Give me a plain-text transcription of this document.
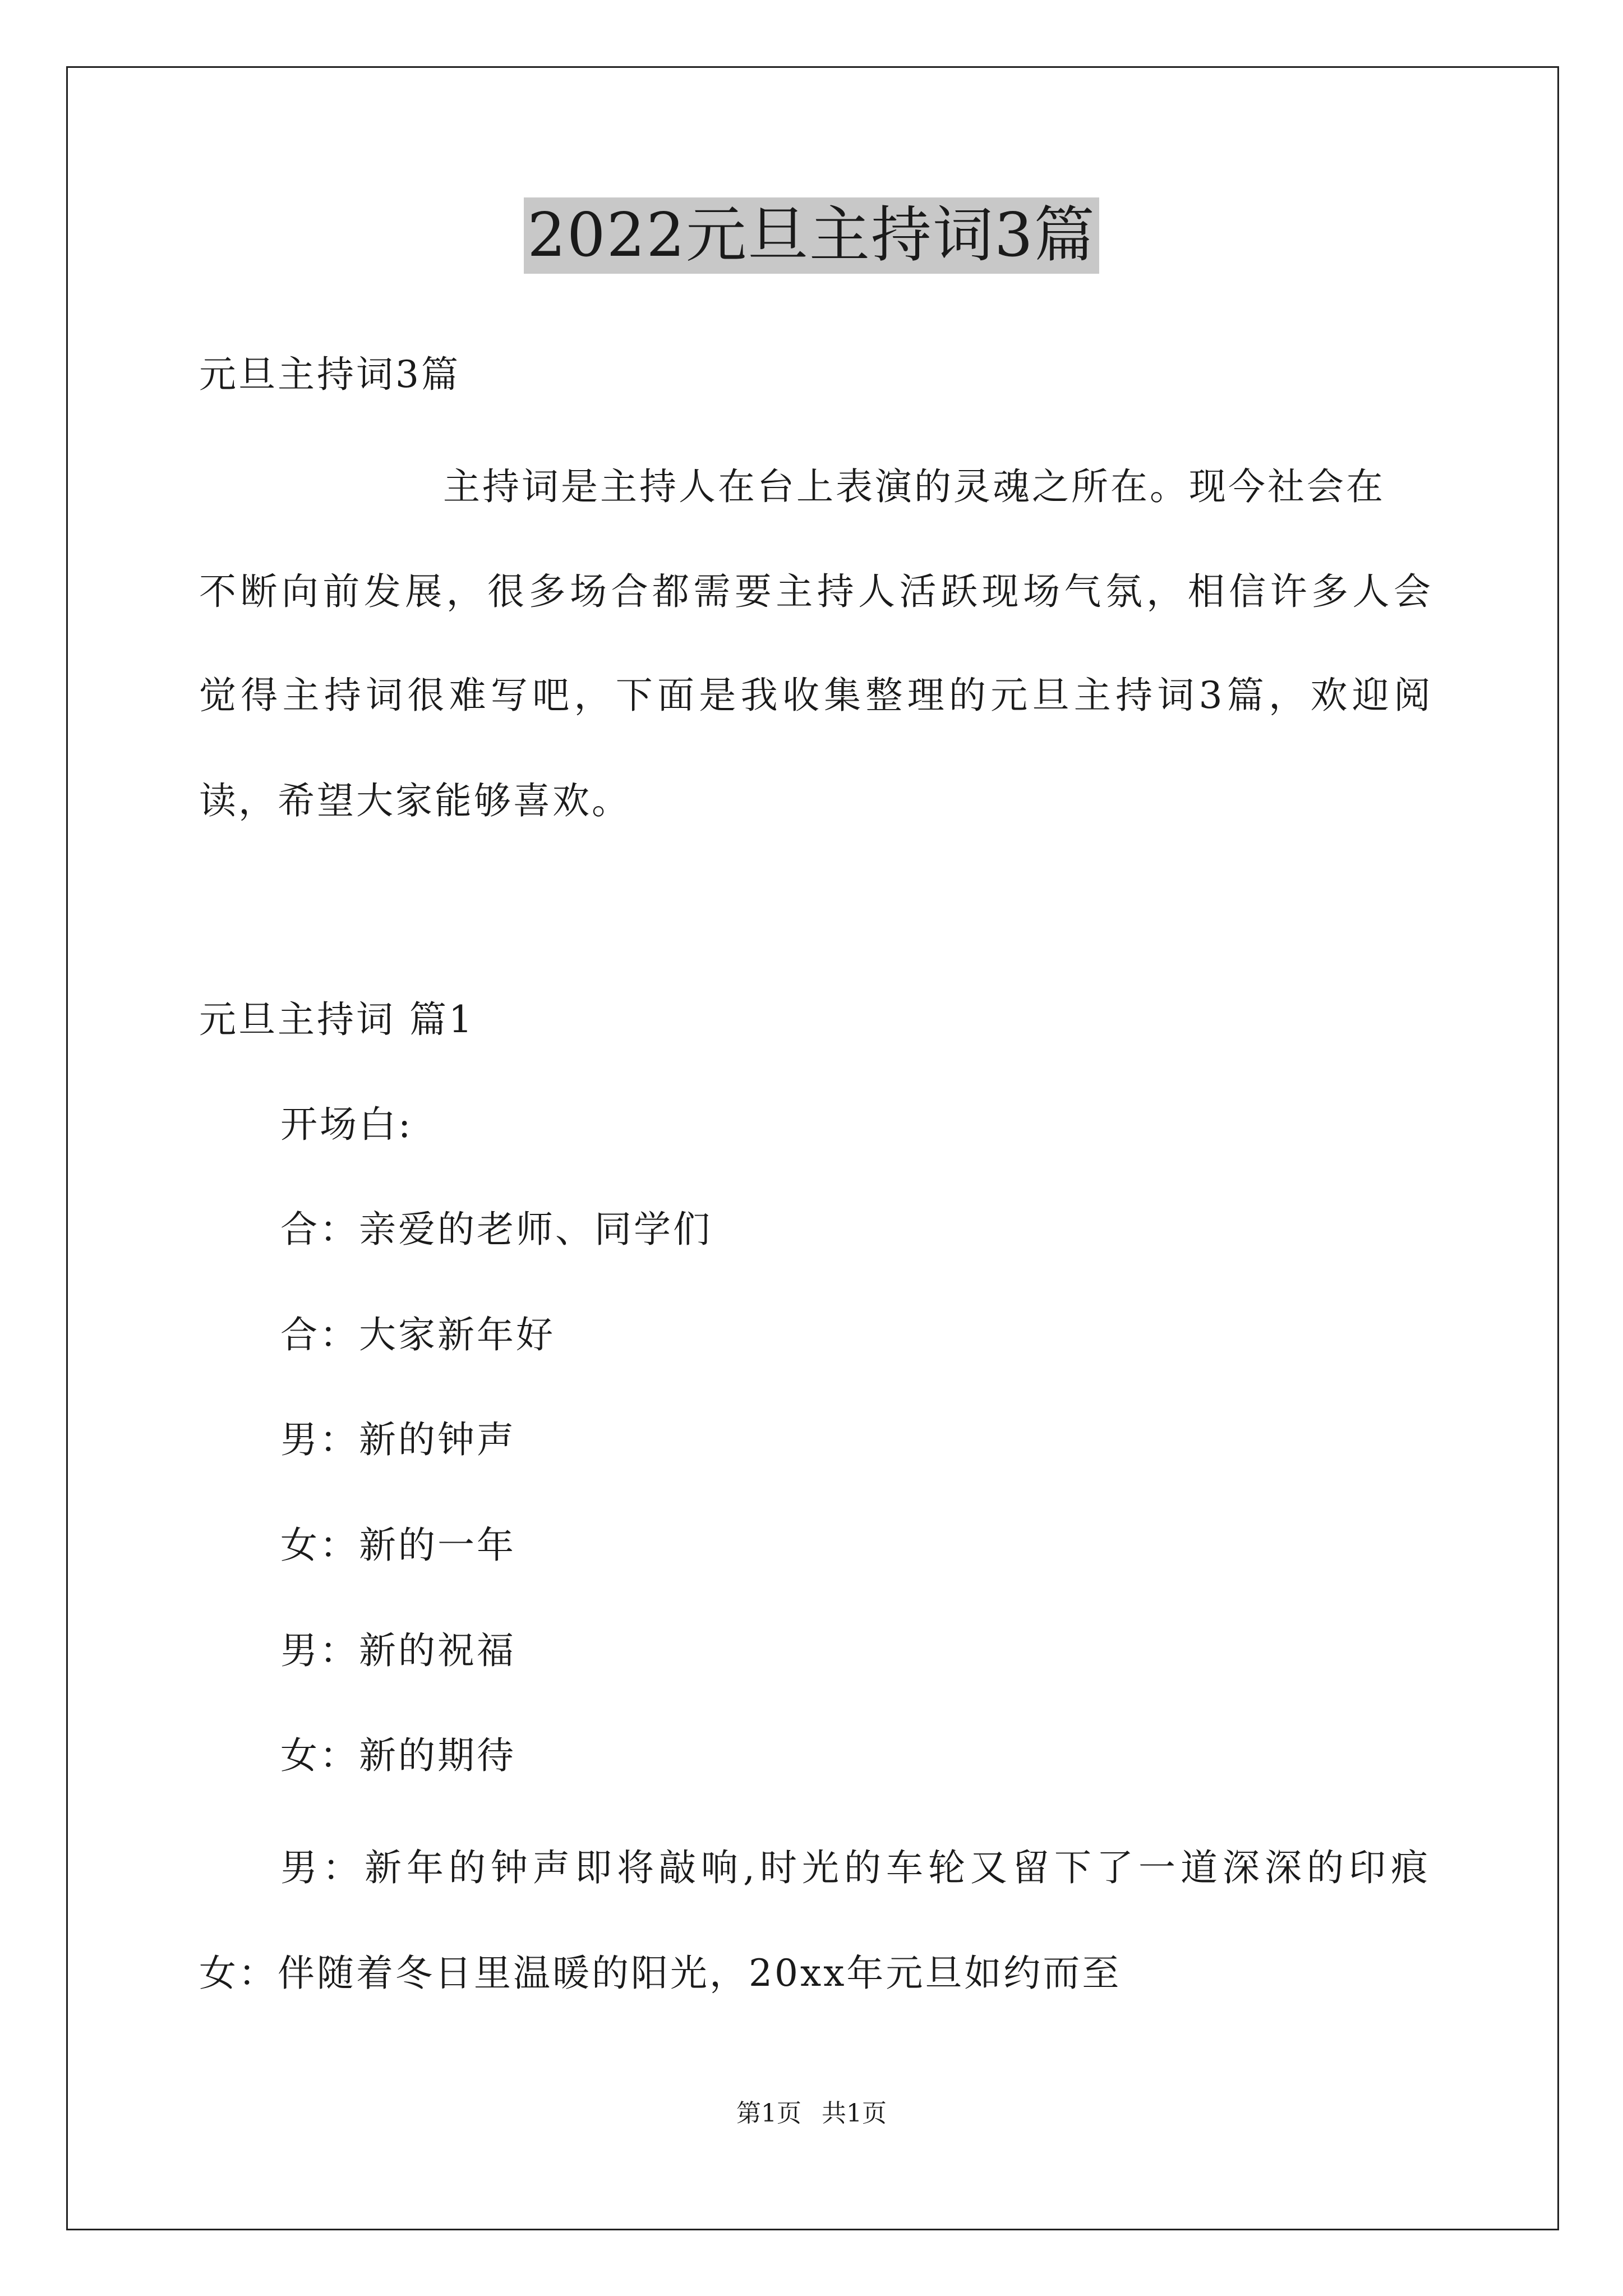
2022元旦主持词3篇
元旦主持词3篇
主持词是主持人在台上表演的灵魂之所在。现今社会在
不断向前发展，很多场合都需要主持人活跃现场气氛，相信许多人会
觉得主持词很难写吧，下面是我收集整理的元旦主持词3篇，欢迎阅
读，希望大家能够喜欢。
元旦主持词 篇1
开场白:
合：亲爱的老师、同学们
合：大家新年好
男：新的钟声
女：新的一年
男：新的祝福
女：新的期待
男：新年的钟声即将敲响,时光的车轮又留下了一道深深的印痕
女：伴随着冬日里温暖的阳光，20xx年元旦如约而至
第1页 共1页
